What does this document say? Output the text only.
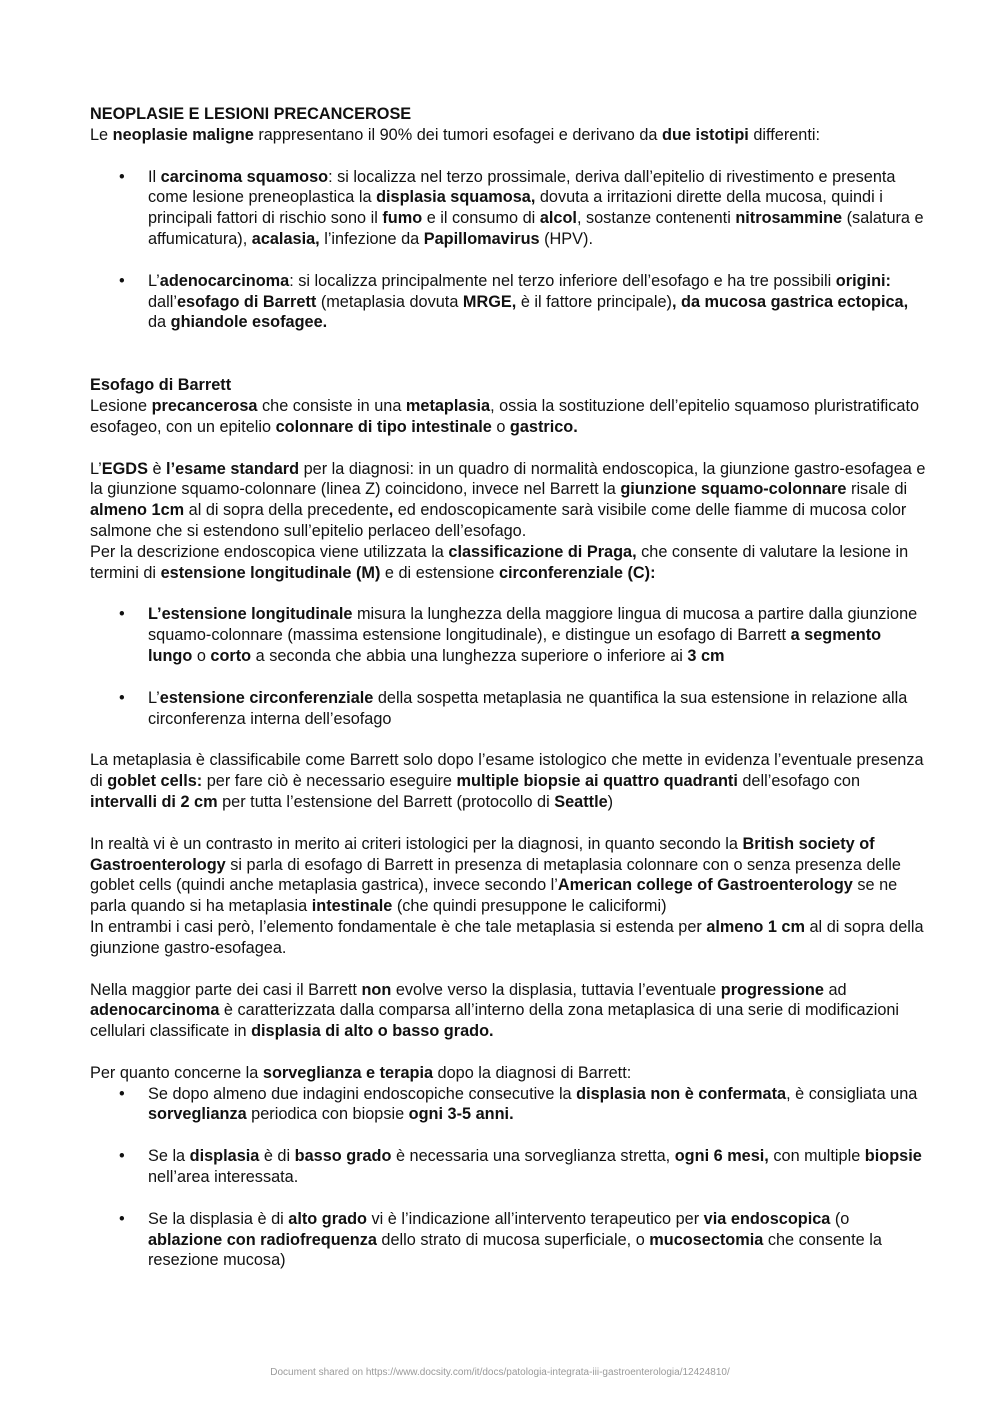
NEOPLASIE E LESIONI PRECANCEROSE

Le neoplasie maligne rappresentano il 90% dei tumori esofagei e derivano da due istotipi differenti:

• Il carcinoma squamoso: si localizza nel terzo prossimale, deriva dall’epitelio di rivestimento e presenta come lesione preneoplastica la displasia squamosa, dovuta a irritazioni dirette della mucosa, quindi i principali fattori di rischio sono il fumo e il consumo di alcol, sostanze contenenti nitrosammine (salatura e affumicatura), acalasia, l’infezione da Papillomavirus (HPV).
• L’adenocarcinoma: si localizza principalmente nel terzo inferiore dell’esofago e ha tre possibili origini: dall’esofago di Barrett (metaplasia dovuta MRGE, è il fattore principale), da mucosa gastrica ectopica, da ghiandole esofagee.
Esofago di Barrett

Lesione precancerosa che consiste in una metaplasia, ossia la sostituzione dell’epitelio squamoso pluristratificato esofageo, con un epitelio colonnare di tipo intestinale o gastrico.

L’EGDS è l’esame standard per la diagnosi: in un quadro di normalità endoscopica, la giunzione gastro-esofagea e la giunzione squamo-colonnare (linea Z) coincidono, invece nel Barrett la giunzione squamo-colonnare risale di almeno 1cm al di sopra della precedente, ed endoscopicamente sarà visibile come delle fiamme di mucosa color salmone che si estendono sull’epitelio perlaceo dell’esofago.

Per la descrizione endoscopica viene utilizzata la classificazione di Praga, che consente di valutare la lesione in termini di estensione longitudinale (M) e di estensione circonferenziale (C):

• L’estensione longitudinale misura la lunghezza della maggiore lingua di mucosa a partire dalla giunzione squamo-colonnare (massima estensione longitudinale), e distingue un esofago di Barrett a segmento lungo o corto a seconda che abbia una lunghezza superiore o inferiore ai 3 cm
• L’estensione circonferenziale della sospetta metaplasia ne quantifica la sua estensione in relazione alla circonferenza interna dell’esofago

La metaplasia è classificabile come Barrett solo dopo l’esame istologico che mette in evidenza l’eventuale presenza di goblet cells: per fare ciò è necessario eseguire multiple biopsie ai quattro quadranti dell’esofago con intervalli di 2 cm per tutta l’estensione del Barrett (protocollo di Seattle)

In realtà vi è un contrasto in merito ai criteri istologici per la diagnosi, in quanto secondo la British society of Gastroenterology si parla di esofago di Barrett in presenza di metaplasia colonnare con o senza presenza delle goblet cells (quindi anche metaplasia gastrica), invece secondo l’American college of Gastroenterology se ne parla quando si ha metaplasia intestinale (che quindi presuppone le caliciformi)

In entrambi i casi però, l’elemento fondamentale è che tale metaplasia si estenda per almeno 1 cm al di sopra della giunzione gastro-esofagea.

Nella maggior parte dei casi il Barrett non evolve verso la displasia, tuttavia l’eventuale progressione ad adenocarcinoma è caratterizzata dalla comparsa all’interno della zona metaplasica di una serie di modificazioni cellulari classificate in displasia di alto o basso grado.

Per quanto concerne la sorveglianza e terapia dopo la diagnosi di Barrett:

• Se dopo almeno due indagini endoscopiche consecutive la displasia non è confermata, è consigliata una sorveglianza periodica con biopsie ogni 3-5 anni.
• Se la displasia è di basso grado è necessaria una sorveglianza stretta, ogni 6 mesi, con multiple biopsie nell’area interessata.
• Se la displasia è di alto grado vi è l’indicazione all’intervento terapeutico per via endoscopica (o ablazione con radiofrequenza dello strato di mucosa superficiale, o mucosectomia che consente la resezione mucosa)
Document shared on https://www.docsity.com/it/docs/patologia-integrata-iii-gastroenterologia/12424810/
